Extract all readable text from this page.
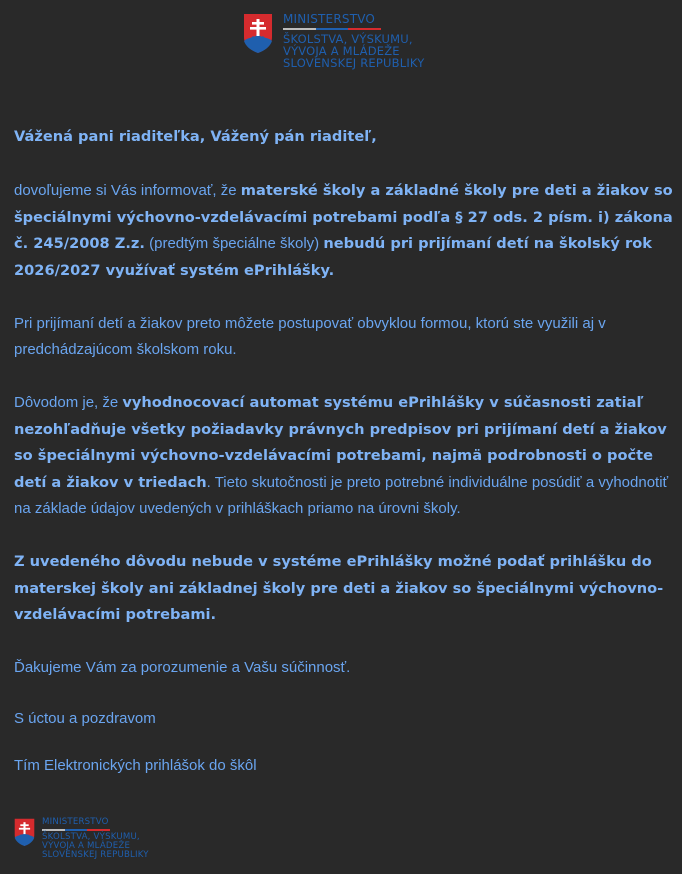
MINISTERSTVO
ŠKOLSTVA, VÝSKUMU,
VÝVOJA A MLÁDEŽE
SLOVENSKEJ REPUBLIKY

Vážená pani riaditeľka, Vážený pán riaditeľ,

dovoľujeme si Vás informovať, že materské školy a základné školy pre deti a žiakov so špeciálnymi výchovno-vzdelávacími potrebami podľa § 27 ods. 2 písm. i) zákona č. 245/2008 Z.z. (predtým špeciálne školy) nebudú pri prijímaní detí na školský rok 2026/2027 využívať systém ePrihlášky.

Pri prijímaní detí a žiakov preto môžete postupovať obvyklou formou, ktorú ste využili aj v predchádzajúcom školskom roku.

Dôvodom je, že vyhodnocovací automat systému ePrihlášky v súčasnosti zatiaľ nezohľadňuje všetky požiadavky právnych predpisov pri prijímaní detí a žiakov so špeciálnymi výchovno-vzdelávacími potrebami, najmä podrobnosti o počte detí a žiakov v triedach. Tieto skutočnosti je preto potrebné individuálne posúdiť a vyhodnotiť na základe údajov uvedených v prihláškach priamo na úrovni školy.

Z uvedeného dôvodu nebude v systéme ePrihlášky možné podať prihlášku do materskej školy ani základnej školy pre deti a žiakov so špeciálnymi výchovno-vzdelávacími potrebami.

Ďakujeme Vám za porozumenie a Vašu súčinnosť.

S úctou a pozdravom

Tím Elektronických prihlášok do škôl

MINISTERSTVO
ŠKOLSTVA, VÝSKUMU,
VÝVOJA A MLÁDEŽE
SLOVENSKEJ REPUBLIKY
